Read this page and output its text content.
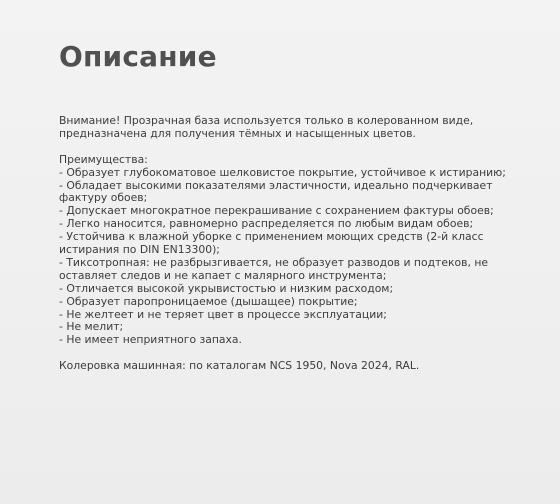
Описание

Внимание! Прозрачная база используется только в колерованном виде, предназначена для получения тёмных и насыщенных цветов.

Преимущества:

- Образует глубокоматовое шелковистое покрытие, устойчивое к истиранию;
- Обладает высокими показателями эластичности, идеально подчеркивает фактуру обоев;
- Допускает многократное перекрашивание с сохранением фактуры обоев;
- Легко наносится, равномерно распределяется по любым видам обоев;
- Устойчива к влажной уборке с применением моющих средств (2-й класс истирания по DIN EN13300);
- Тиксотропная: не разбрызгивается, не образует разводов и подтеков, не оставляет следов и не капает с малярного инструмента;
- Отличается высокой укрывистостью и низким расходом;
- Образует паропроницаемое (дышащее) покрытие;
- Не желтеет и не теряет цвет в процессе эксплуатации;
- Не мелит;
- Не имеет неприятного запаха.

Колеровка машинная: по каталогам NCS 1950, Nova 2024, RAL.
